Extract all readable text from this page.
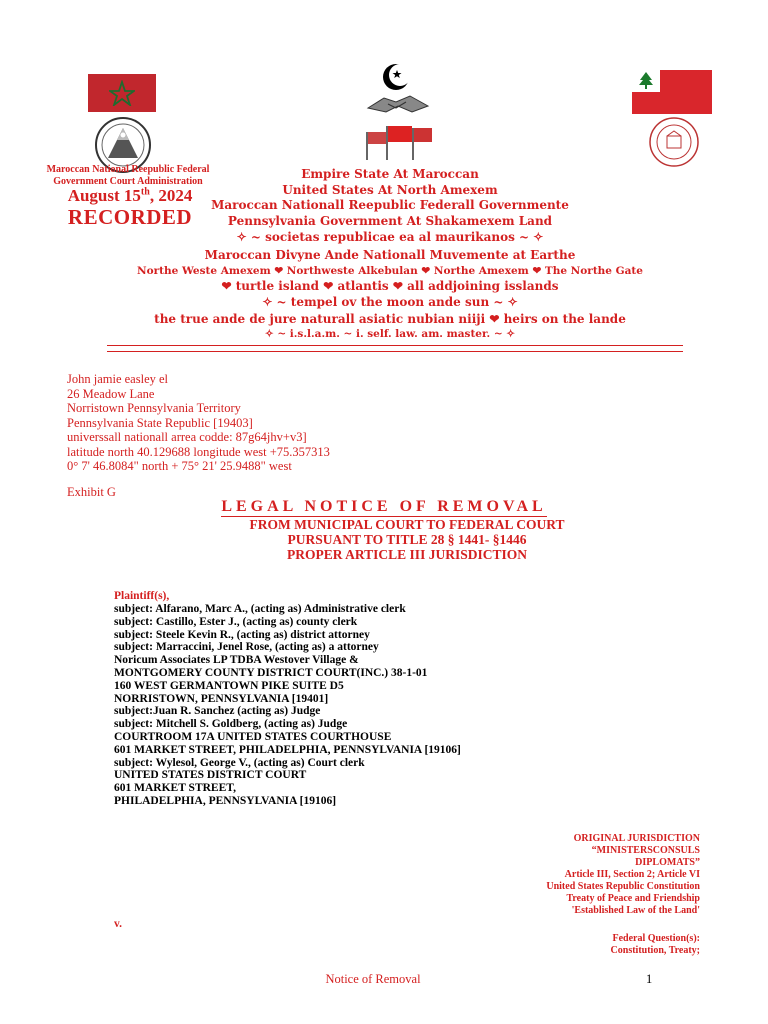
Maroccan National Reepublic Federal
Government Court Administration
August 15th, 2024
RECORDED
Empire State At Maroccan
United States At North Amexem
Maroccan Nationall Reepublic Federall Governmente
Pennsylvania Government At Shakamexem Land
✧ ~ societas republicae ea al maurikanos ~ ✧
Maroccan Divyne Ande Nationall Muvemente at Earthe
Northe Weste Amexem ❤ Northweste Alkebulan ❤ Northe Amexem ❤ The Northe Gate
❤ turtle island ❤ atlantis ❤ all addjoining isslands
✧ ~ tempel ov the moon ande sun ~ ✧
the true ande de jure naturall asiatic nubian niiji ❤ heirs on the lande
✧ ~ i.s.l.a.m. ~ i. self. law. am. master. ~ ✧
John jamie easley el
26 Meadow Lane
Norristown Pennsylvania Territory
Pennsylvania State Republic [19403]
universsall nationall arrea codde: 87g64jhv+v3]
latitude north 40.129688 longitude west +75.357313
0° 7' 46.8084" north + 75° 21' 25.9488" west
Exhibit G
LEGAL NOTICE OF REMOVAL
FROM MUNICIPAL COURT TO FEDERAL COURT
PURSUANT TO TITLE 28 § 1441- §1446
PROPER ARTICLE III JURISDICTION
Plaintiff(s),
subject: Alfarano, Marc A., (acting as) Administrative clerk
subject: Castillo, Ester J., (acting as) county clerk
subject: Steele Kevin R., (acting as) district attorney
subject: Marraccini, Jenel Rose, (acting as) a attorney
Noricum Associates LP TDBA Westover Village &
MONTGOMERY COUNTY DISTRICT COURT(INC.) 38-1-01
160 WEST GERMANTOWN PIKE SUITE D5
NORRISTOWN, PENNSYLVANIA [19401]
subject:Juan R. Sanchez (acting as) Judge
subject: Mitchell S. Goldberg, (acting as) Judge
COURTROOM 17A UNITED STATES COURTHOUSE
601 MARKET STREET, PHILADELPHIA, PENNSYLVANIA [19106]
subject: Wylesol, George V., (acting as) Court clerk
UNITED STATES DISTRICT COURT
601 MARKET STREET,
PHILADELPHIA, PENNSYLVANIA [19106]
ORIGINAL JURISDICTION
“MINISTERSCONSULS
DIPLOMATS”
Article III, Section 2; Article VI
United States Republic Constitution
Treaty of Peace and Friendship
'Established Law of the Land'
v.
Federal Question(s):
Constitution, Treaty;
Notice of Removal	1
